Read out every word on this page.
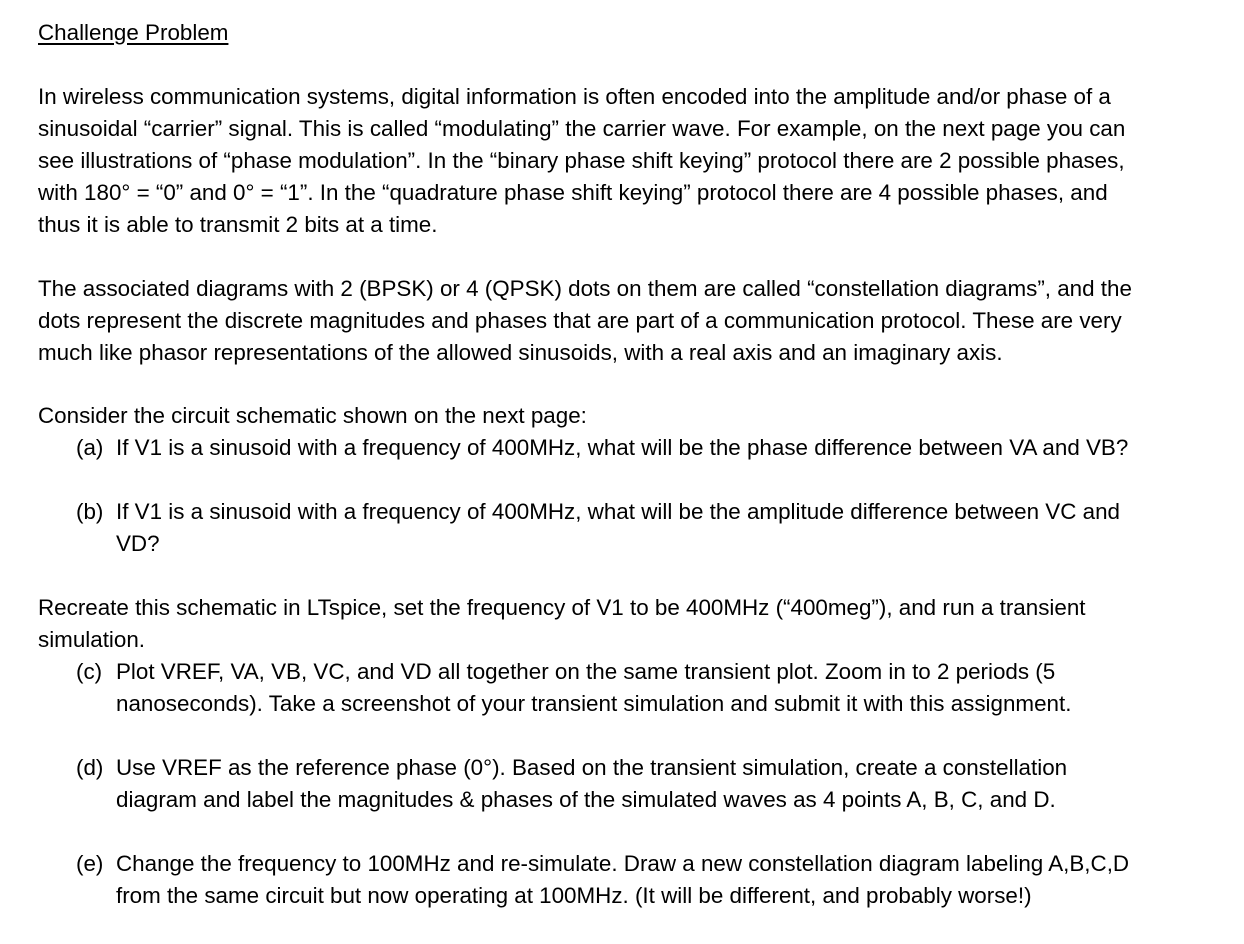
Challenge Problem

In wireless communication systems, digital information is often encoded into the amplitude and/or phase of a

sinusoidal “carrier” signal. This is called “modulating” the carrier wave. For example, on the next page you can

see illustrations of “phase modulation”. In the “binary phase shift keying” protocol there are 2 possible phases,

with 180° = “0” and 0° = “1”. In the “quadrature phase shift keying” protocol there are 4 possible phases, and

thus it is able to transmit 2 bits at a time.

The associated diagrams with 2 (BPSK) or 4 (QPSK) dots on them are called “constellation diagrams”, and the

dots represent the discrete magnitudes and phases that are part of a communication protocol. These are very

much like phasor representations of the allowed sinusoids, with a real axis and an imaginary axis.

Consider the circuit schematic shown on the next page:

(a) If V1 is a sinusoid with a frequency of 400MHz, what will be the phase difference between VA and VB?
(b) If V1 is a sinusoid with a frequency of 400MHz, what will be the amplitude difference between VC and
VD?

Recreate this schematic in LTspice, set the frequency of V1 to be 400MHz (“400meg”), and run a transient

simulation.

(c) Plot VREF, VA, VB, VC, and VD all together on the same transient plot. Zoom in to 2 periods (5
nanoseconds). Take a screenshot of your transient simulation and submit it with this assignment.
(d) Use VREF as the reference phase (0°). Based on the transient simulation, create a constellation
diagram and label the magnitudes & phases of the simulated waves as 4 points A, B, C, and D.
(e) Change the frequency to 100MHz and re-simulate. Draw a new constellation diagram labeling A,B,C,D
from the same circuit but now operating at 100MHz. (It will be different, and probably worse!)
